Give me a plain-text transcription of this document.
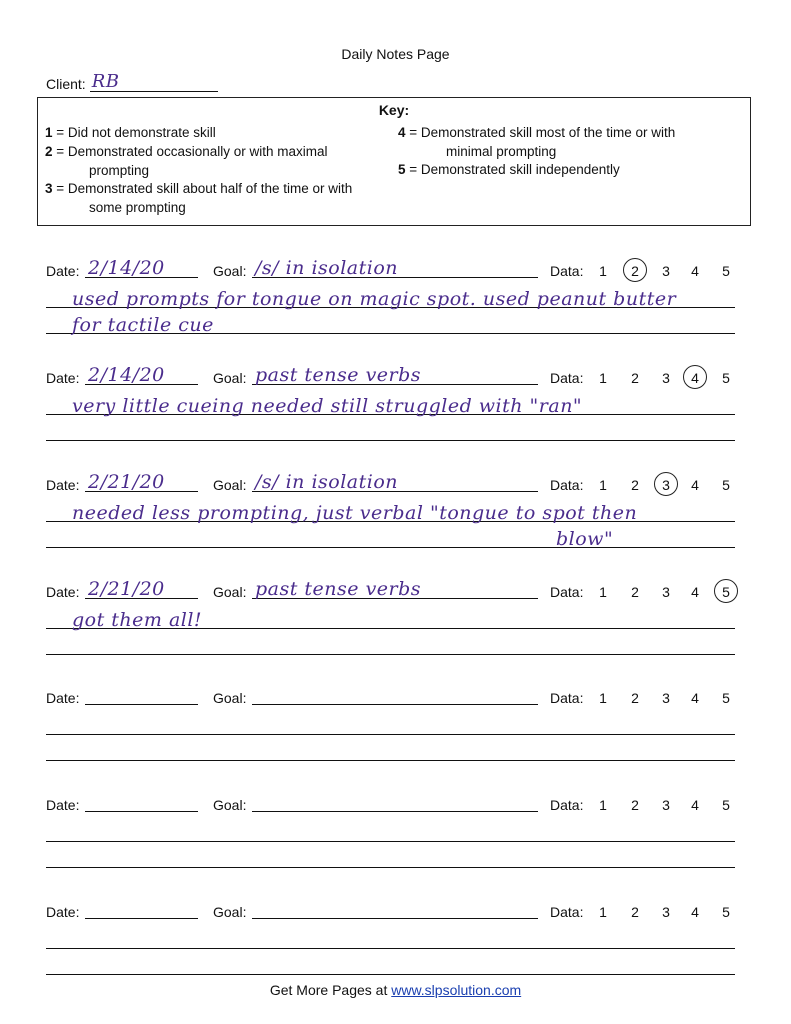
Daily Notes Page
Client: RB
Key:
1 = Did not demonstrate skill
2 = Demonstrated occasionally or with maximal
prompting
3 = Demonstrated skill about half of the time or with
some prompting
4 = Demonstrated skill most of the time or with
minimal prompting
5 = Demonstrated skill independently
Date: 2/14/20	Goal: /s/ in isolation	Data: 1 2 3 4 5
used prompts for tongue on magic spot. used peanut butter
for tactile cue
Date: 2/14/20	Goal: past tense verbs	Data: 1 2 3 4 5
very little cueing needed still struggled with "ran"
Date: 2/21/20	Goal: /s/ in isolation	Data: 1 2 3 4 5
needed less prompting, just verbal "tongue to spot then
blow"
Date: 2/21/20	Goal: past tense verbs	Data: 1 2 3 4 5
got them all!
Date:	Goal:	Data: 1 2 3 4 5
Date:	Goal:	Data: 1 2 3 4 5
Date:	Goal:	Data: 1 2 3 4 5
Get More Pages at www.slpsolution.com
